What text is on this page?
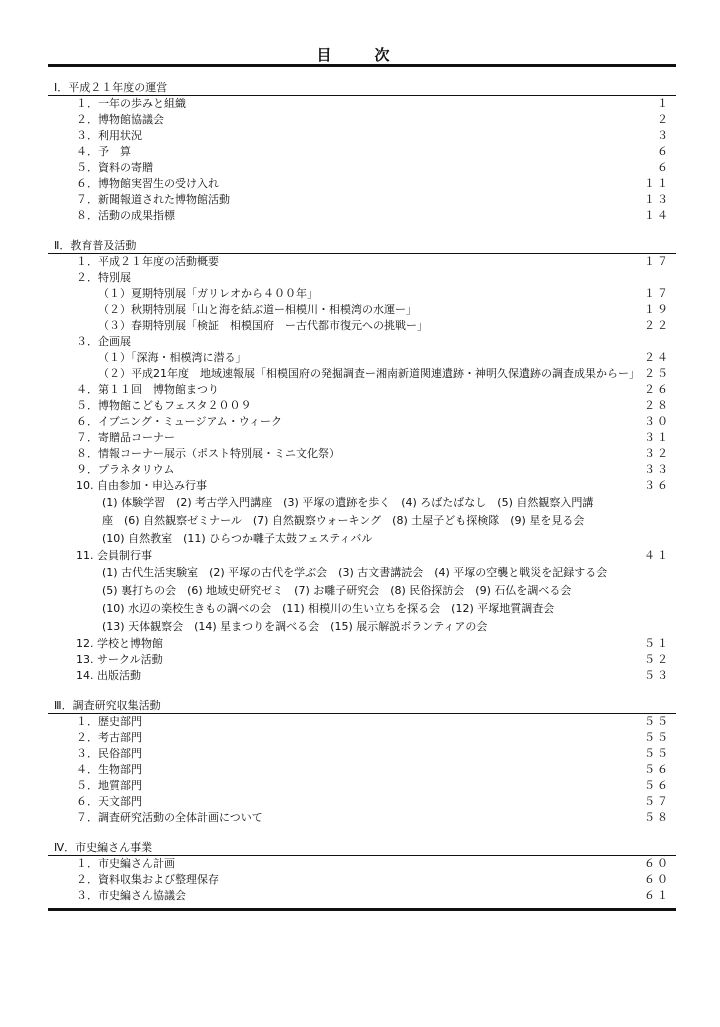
目　次
Ⅰ．平成２１年度の運営
１．一年の歩みと組織	１
２．博物館協議会	２
３．利用状況	３
４．予　算	６
５．資料の寄贈	６
６．博物館実習生の受け入れ	１１
７．新聞報道された博物館活動	１３
８．活動の成果指標	１４
Ⅱ．教育普及活動
１．平成２１年度の活動概要	１７
２．特別展
（１）夏期特別展「ガリレオから４００年」	１７
（２）秋期特別展「山と海を結ぶ道ー相模川・相模湾の水運ー」	１９
（３）春期特別展「検証　相模国府　ー古代都市復元への挑戦ー」	２２
３．企画展
（１）「深海・相模湾に潜る」	２４
（２）平成21年度　地域速報展「相模国府の発掘調査ー湘南新道関連遺跡・神明久保遺跡の調査成果からー」 ２５
４．第１１回　博物館まつり	２６
５．博物館こどもフェスタ２００９	２８
６．イブニング・ミュージアム・ウィーク	３０
７．寄贈品コーナー	３１
８．情報コーナー展示（ポスト特別展・ミニ文化祭）	３２
９．プラネタリウム	３３
10. 自由参加・申込み行事	３６
(1) 体験学習　(2) 考古学入門講座　(3) 平塚の遺跡を歩く　(4) ろばたばなし　(5) 自然観察入門講
座　(6) 自然観察ゼミナール　(7) 自然観察ウォーキング　(8) 土屋子ども探検隊　(9) 星を見る会
(10) 自然教室　(11) ひらつか囃子太鼓フェスティバル
11. 会員制行事	４１
(1) 古代生活実験室　(2) 平塚の古代を学ぶ会　(3) 古文書講読会　(4) 平塚の空襲と戦災を記録する会
(5) 裏打ちの会　(6) 地域史研究ゼミ　(7) お囃子研究会　(8) 民俗探訪会　(9) 石仏を調べる会
(10) 水辺の楽校生きもの調べの会　(11) 相模川の生い立ちを探る会　(12) 平塚地質調査会
(13) 天体観察会　(14) 星まつりを調べる会　(15) 展示解説ボランティアの会
12. 学校と博物館	５１
13. サークル活動	５２
14. 出版活動	５３
Ⅲ．調査研究収集活動
１．歴史部門	５５
２．考古部門	５５
３．民俗部門	５５
４．生物部門	５６
５．地質部門	５６
６．天文部門	５７
７．調査研究活動の全体計画について	５８
Ⅳ．市史編さん事業
１．市史編さん計画	６０
２．資料収集および整理保存	６０
３．市史編さん協議会	６１
